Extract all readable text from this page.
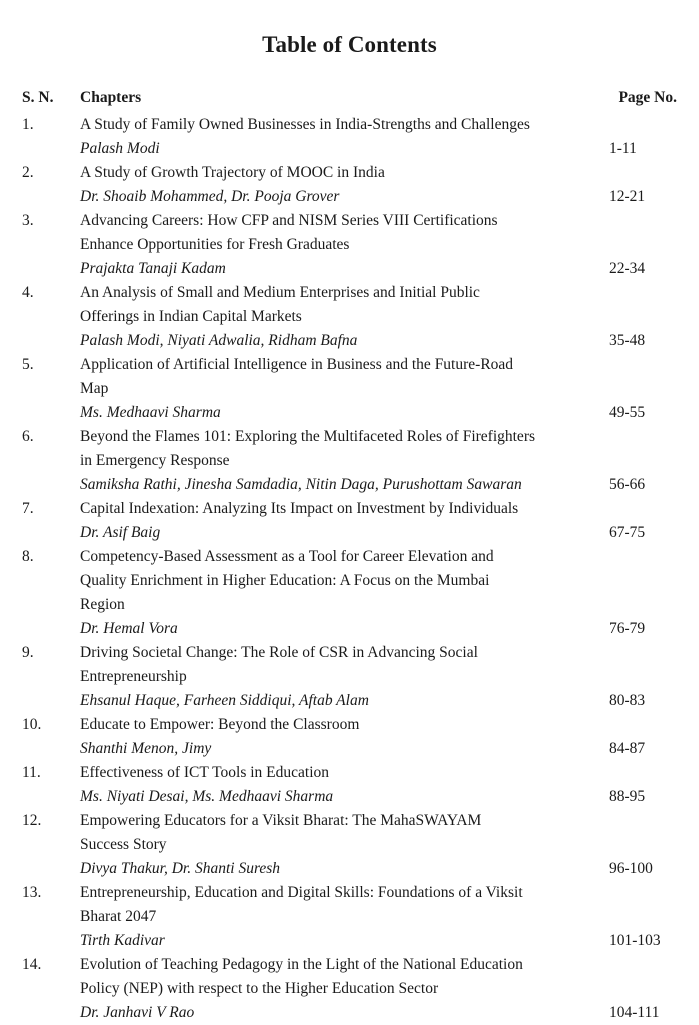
Table of Contents
S. N. Chapters	Page No.
1.	A Study of Family Owned Businesses in India-Strengths and Challenges
Palash Modi	1-11
2.	A Study of Growth Trajectory of MOOC in India
Dr. Shoaib Mohammed, Dr. Pooja Grover	12-21
3.	Advancing Careers: How CFP and NISM Series VIII Certifications
Enhance Opportunities for Fresh Graduates
Prajakta Tanaji Kadam	22-34
4.	An Analysis of Small and Medium Enterprises and Initial Public
Offerings in Indian Capital Markets
Palash Modi, Niyati Adwalia, Ridham Bafna	35-48
5.	Application of Artificial Intelligence in Business and the Future-Road
Map
Ms. Medhaavi Sharma	49-55
6.	Beyond the Flames 101: Exploring the Multifaceted Roles of Firefighters
in Emergency Response
Samiksha Rathi, Jinesha Samdadia, Nitin Daga, Purushottam Sawaran	56-66
7.	Capital Indexation: Analyzing Its Impact on Investment by Individuals
Dr. Asif Baig	67-75
8.	Competency-Based Assessment as a Tool for Career Elevation and
Quality Enrichment in Higher Education: A Focus on the Mumbai
Region
Dr. Hemal Vora	76-79
9.	Driving Societal Change: The Role of CSR in Advancing Social
Entrepreneurship
Ehsanul Haque, Farheen Siddiqui, Aftab Alam	80-83
10. Educate to Empower: Beyond the Classroom
Shanthi Menon, Jimy	84-87
11.	Effectiveness of ICT Tools in Education
Ms. Niyati Desai, Ms. Medhaavi Sharma	88-95
12. Empowering Educators for a Viksit Bharat: The MahaSWAYAM
Success Story
Divya Thakur, Dr. Shanti Suresh	96-100
13. Entrepreneurship, Education and Digital Skills: Foundations of a Viksit
Bharat 2047
Tirth Kadivar	101-103
14. Evolution of Teaching Pedagogy in the Light of the National Education
Policy (NEP) with respect to the Higher Education Sector
Dr. Janhavi V Rao	104-111
